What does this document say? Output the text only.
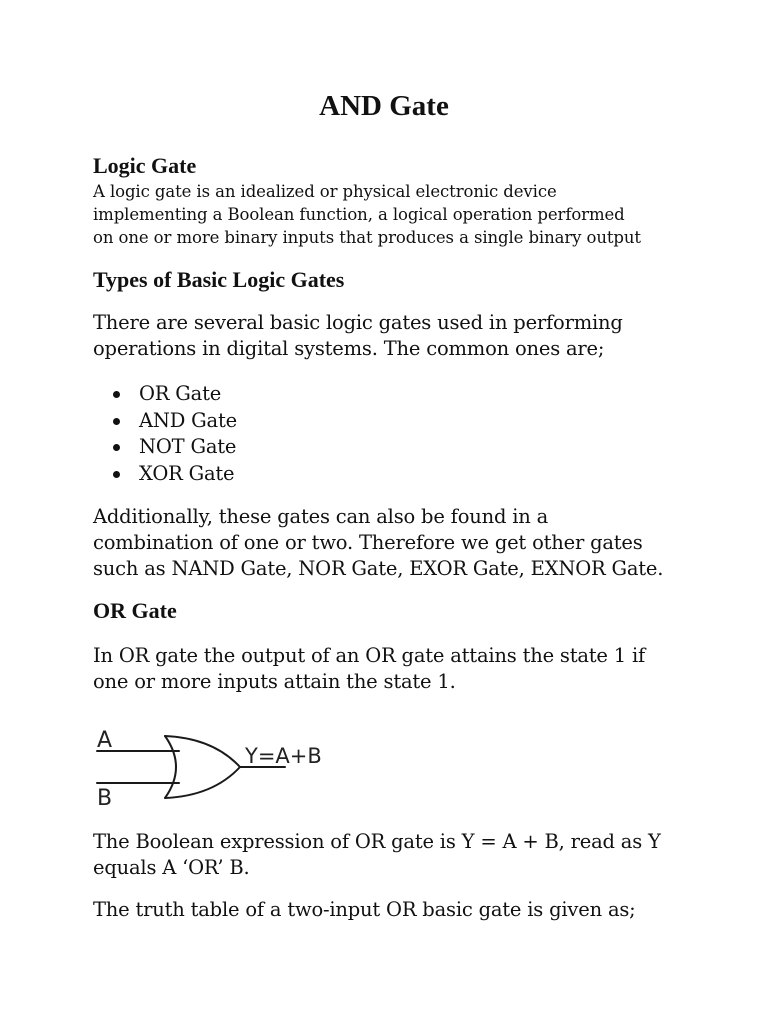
AND Gate
Logic Gate

A logic gate is an idealized or physical electronic device
implementing a Boolean function, a logical operation performed
on one or more binary inputs that produces a single binary output

Types of Basic Logic Gates

There are several basic logic gates used in performing
operations in digital systems. The common ones are;

OR Gate
AND Gate
NOT Gate
XOR Gate

Additionally, these gates can also be found in a
combination of one or two. Therefore we get other gates
such as NAND Gate, NOR Gate, EXOR Gate, EXNOR Gate.

OR Gate

In OR gate the output of an OR gate attains the state 1 if
one or more inputs attain the state 1.

The Boolean expression of OR gate is Y = A + B, read as Y
equals A ‘OR’ B.

The truth table of a two-input OR basic gate is given as;

A
B
Y=A+B
